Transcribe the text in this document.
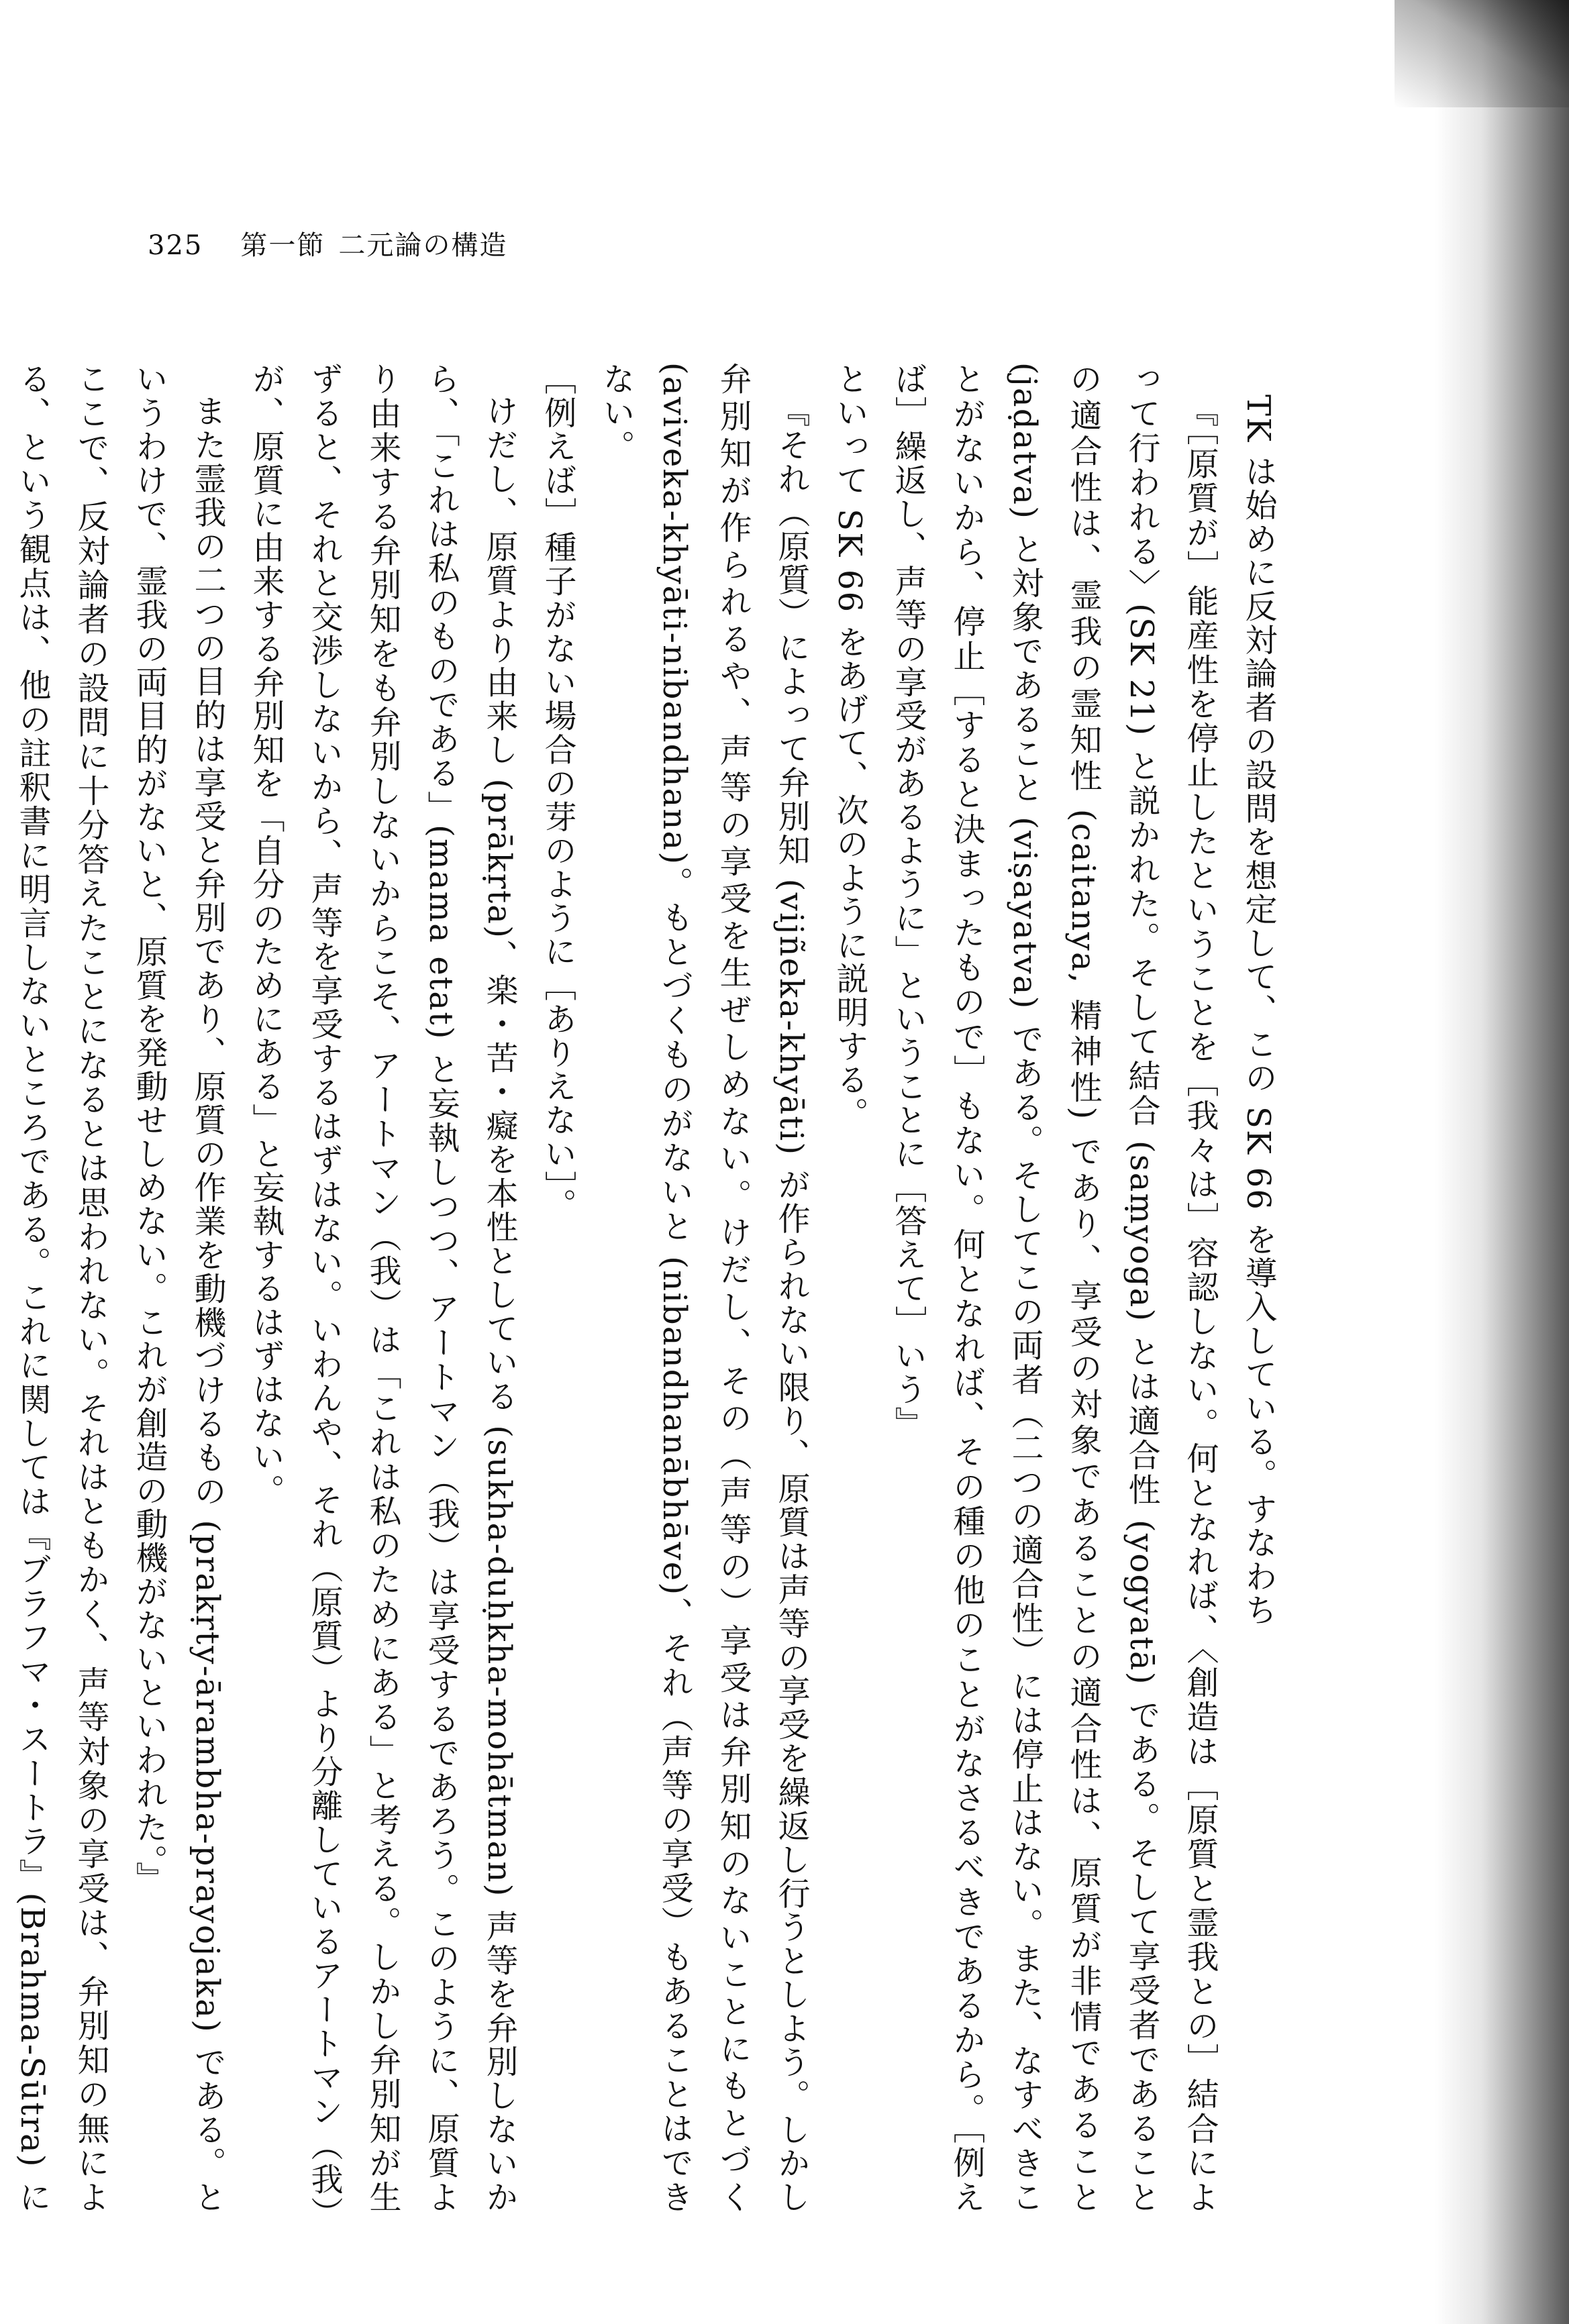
325 第一節 二元論の構造

TK は始めに反対論者の設問を想定して、この SK 66 を導入している。すなわち

『［原質が］能産性を停止したということを［我々は］容認しない。何となれば、〈創造は［原質と霊我との］結合によって行われる〉(SK 21) と説かれた。そして結合 (saṃyoga) とは適合性 (yogyatā) である。そして享受者であることの適合性は、霊我の霊知性 (caitanya, 精神性) であり、享受の対象であることの適合性は、原質が非情であること (jaḍatva) と対象であること (viṣayatva) である。そしてこの両者（二つの適合性）には停止はない。また、なすべきことがないから、停止［すると決まったもので］もない。何となれば、その種の他のことがなさるべきであるから。［例えば］繰返し、声等の享受があるように」ということに［答えて］いう』

といって SK 66 をあげて、次のように説明する。

『それ（原質）によって弁別知 (vijñeka-khyāti) が作られない限り、原質は声等の享受を繰返し行うとしよう。しかし弁別知が作られるや、声等の享受を生ぜしめない。けだし、その（声等の）享受は弁別知のないことにもとづく (aviveka-khyāti-nibandhana)。もとづくものがないと (nibandhanābhāve)、それ（声等の享受）もあることはできない。

［例えば］種子がない場合の芽のように［ありえない］。

けだし、原質より由来し (prākṛta)、楽・苦・癡を本性としている (sukha-duḥkha-mohātman) 声等を弁別しないから、「これは私のものである」(mama etat) と妄執しつつ、アートマン（我）は享受するであろう。このように、原質より由来する弁別知をも弁別しないからこそ、アートマン（我）は「これは私のためにある」と考える。しかし弁別知が生ずると、それと交渉しないから、声等を享受するはずはない。いわんや、それ（原質）より分離しているアートマン（我）が、原質に由来する弁別知を「自分のためにある」と妄執するはずはない。

また霊我の二つの目的は享受と弁別であり、原質の作業を動機づけるもの (prakṛty-ārambha-prayojaka) である。というわけで、霊我の両目的がないと、原質を発動せしめない。これが創造の動機がないといわれた。』

ここで、反対論者の設問に十分答えたことになるとは思われない。それはともかく、声等対象の享受は、弁別知の無による、という観点は、他の註釈書に明言しないところである。これに関しては『ブラフマ・スートラ』(Brahma-Sūtra) に
